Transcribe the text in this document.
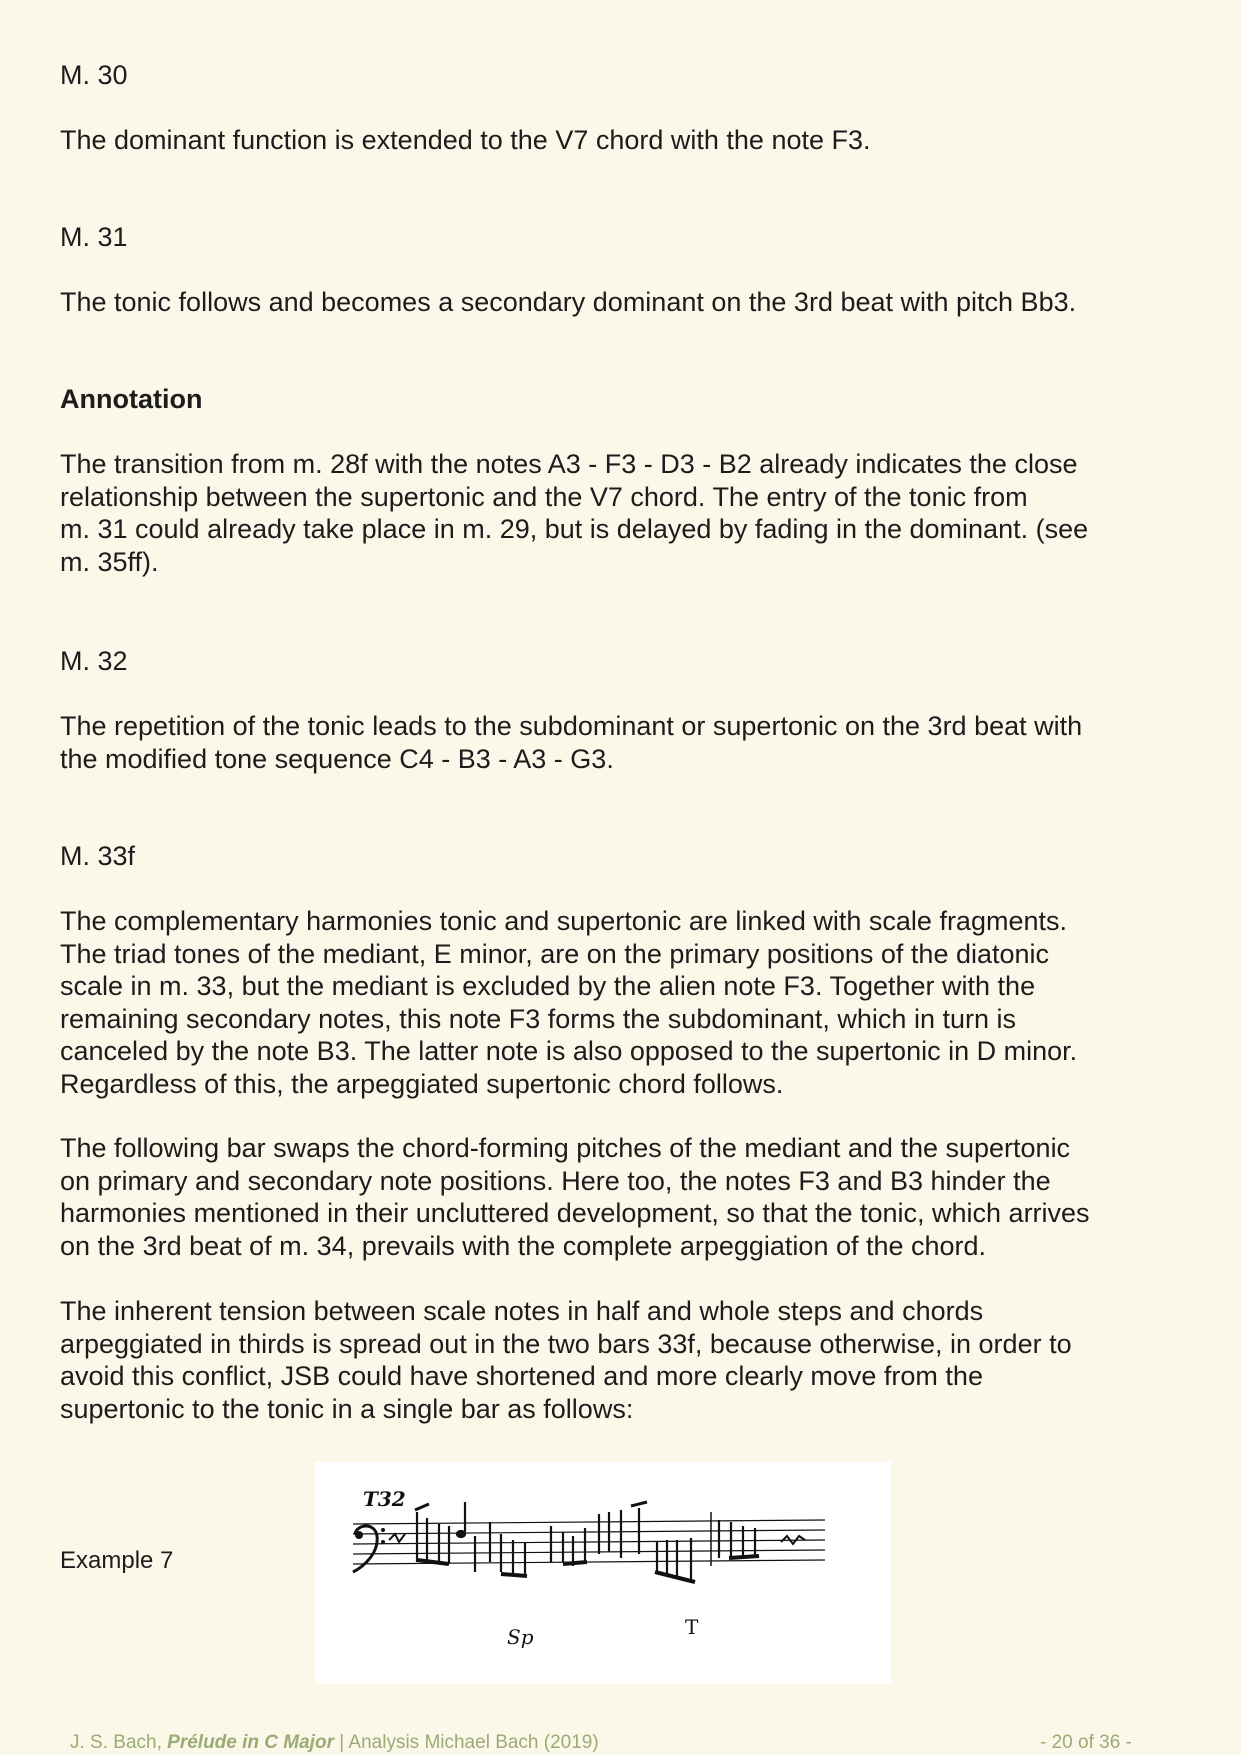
M. 30

The dominant function is extended to the V7 chord with the note F3.

M. 31

The tonic follows and becomes a secondary dominant on the 3rd beat with pitch Bb3.

Annotation

The transition from m. 28f with the notes A3 - F3 - D3 - B2 already indicates the close
relationship between the supertonic and the V7 chord. The entry of the tonic from
m. 31 could already take place in m. 29, but is delayed by fading in the dominant. (see
m. 35ff).

M. 32

The repetition of the tonic leads to the subdominant or supertonic on the 3rd beat with
the modified tone sequence C4 - B3 - A3 - G3.

M. 33f

The complementary harmonies tonic and supertonic are linked with scale fragments.
The triad tones of the mediant, E minor, are on the primary positions of the diatonic
scale in m. 33, but the mediant is excluded by the alien note F3. Together with the
remaining secondary notes, this note F3 forms the subdominant, which in turn is
canceled by the note B3. The latter note is also opposed to the supertonic in D minor.
Regardless of this, the arpeggiated supertonic chord follows.

The following bar swaps the chord-forming pitches of the mediant and the supertonic
on primary and secondary note positions. Here too, the notes F3 and B3 hinder the
harmonies mentioned in their uncluttered development, so that the tonic, which arrives
on the 3rd beat of m. 34, prevails with the complete arpeggiation of the chord.

The inherent tension between scale notes in half and whole steps and chords
arpeggiated in thirds is spread out in the two bars 33f, because otherwise, in order to
avoid this conflict, JSB could have shortened and more clearly move from the
supertonic to the tonic in a single bar as follows:

Example 7
T32
Sp	T
J. S. Bach, Prélude in C Major | Analysis Michael Bach (2019)	- 20 of 36 -
